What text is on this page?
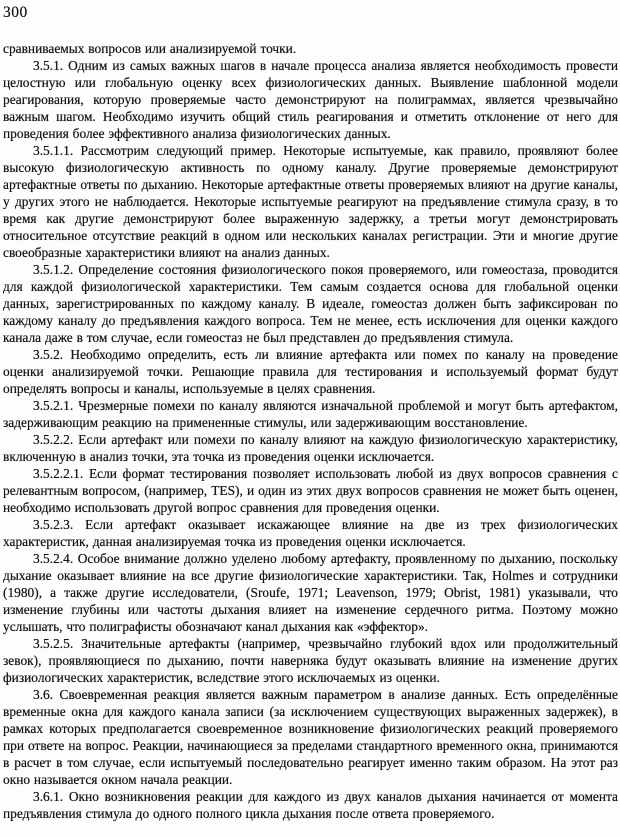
300

сравниваемых вопросов или анализируемой точки.

3.5.1. Одним из самых важных шагов в начале процесса анализа является необходимость провести целостную или глобальную оценку всех физиологических данных. Выявление шаблонной модели реагирования, которую проверяемые часто демонстрируют на полиграммах, является чрезвычайно важным шагом. Необходимо изучить общий стиль реагирования и отметить отклонение от него для проведения более эффективного анализа физиологических данных.

3.5.1.1. Рассмотрим следующий пример. Некоторые испытуемые, как правило, проявляют более высокую физиологическую активность по одному каналу. Другие проверяемые демонстрируют артефактные ответы по дыханию. Некоторые артефактные ответы проверяемых влияют на другие каналы, у других этого не наблюдается. Некоторые испытуемые реагируют на предъявление стимула сразу, в то время как другие демонстрируют более выраженную задержку, а третьи могут демонстрировать относительное отсутствие реакций в одном или нескольких каналах регистрации. Эти и многие другие своеобразные характеристики влияют на анализ данных.

3.5.1.2. Определение состояния физиологического покоя проверяемого, или гомеостаза, проводится для каждой физиологической характеристики. Тем самым создается основа для глобальной оценки данных, зарегистрированных по каждому каналу. В идеале, гомеостаз должен быть зафиксирован по каждому каналу до предъявления каждого вопроса. Тем не менее, есть исключения для оценки каждого канала даже в том случае, если гомеостаз не был представлен до предъявления стимула.

3.5.2. Необходимо определить, есть ли влияние артефакта или помех по каналу на проведение оценки анализируемой точки. Решающие правила для тестирования и используемый формат будут определять вопросы и каналы, используемые в целях сравнения.

3.5.2.1. Чрезмерные помехи по каналу являются изначальной проблемой и могут быть артефактом, задерживающим реакцию на примененные стимулы, или задерживающим восстановление.

3.5.2.2. Если артефакт или помехи по каналу влияют на каждую физиологическую характеристику, включенную в анализ точки, эта точка из проведения оценки исключается.

3.5.2.2.1. Если формат тестирования позволяет использовать любой из двух вопросов сравнения с релевантным вопросом, (например, TES), и один из этих двух вопросов сравнения не может быть оценен, необходимо использовать другой вопрос сравнения для проведения оценки.

3.5.2.3. Если артефакт оказывает искажающее влияние на две из трех физиологических характеристик, данная анализируемая точка из проведения оценки исключается.

3.5.2.4. Особое внимание должно уделено любому артефакту, проявленному по дыханию, поскольку дыхание оказывает влияние на все другие физиологические характеристики. Так, Holmes и сотрудники (1980), а также другие исследователи, (Sroufe, 1971; Leavenson, 1979; Obrist, 1981) указывали, что изменение глубины или частоты дыхания влияет на изменение сердечного ритма. Поэтому можно услышать, что полиграфисты обозначают канал дыхания как «эффектор».

3.5.2.5. Значительные артефакты (например, чрезвычайно глубокий вдох или продолжительный зевок), проявляющиеся по дыханию, почти наверняка будут оказывать влияние на изменение других физиологических характеристик, вследствие этого исключаемых из оценки.

3.6. Своевременная реакция является важным параметром в анализе данных. Есть определённые временные окна для каждого канала записи (за исключением существующих выраженных задержек), в рамках которых предполагается своевременное возникновение физиологических реакций проверяемого при ответе на вопрос. Реакции, начинающиеся за пределами стандартного временного окна, принимаются в расчет в том случае, если испытуемый последовательно реагирует именно таким образом. На этот раз окно называется окном начала реакции.

3.6.1. Окно возникновения реакции для каждого из двух каналов дыхания начинается от момента предъявления стимула до одного полного цикла дыхания после ответа проверяемого.
